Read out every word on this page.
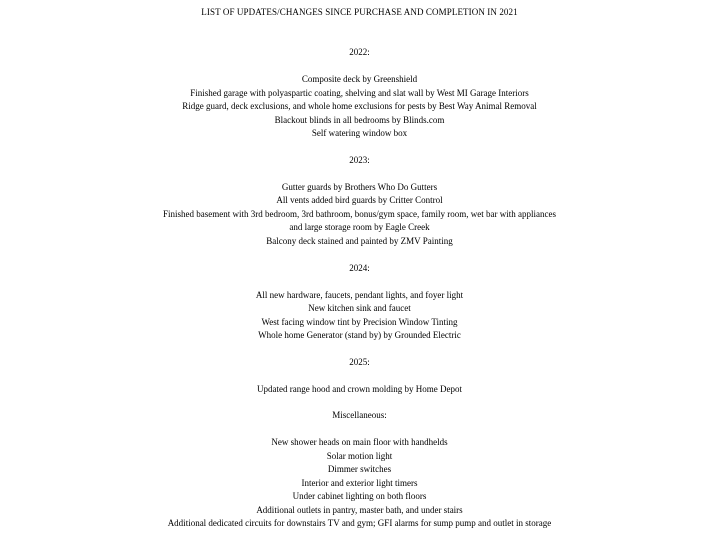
LIST OF UPDATES/CHANGES SINCE PURCHASE AND COMPLETION IN 2021
2022:
Composite deck by Greenshield
Finished garage with polyaspartic coating, shelving and slat wall by West MI Garage Interiors
Ridge guard, deck exclusions, and whole home exclusions for pests by Best Way Animal Removal
Blackout blinds in all bedrooms by Blinds.com
Self watering window box
2023:
Gutter guards by Brothers Who Do Gutters
All vents added bird guards by Critter Control
Finished basement with 3rd bedroom, 3rd bathroom, bonus/gym space, family room, wet bar with appliances
and large storage room by Eagle Creek
Balcony deck stained and painted by ZMV Painting
2024:
All new hardware, faucets, pendant lights, and foyer light
New kitchen sink and faucet
West facing window tint by Precision Window Tinting
Whole home Generator (stand by) by Grounded Electric
2025:
Updated range hood and crown molding by Home Depot
Miscellaneous:
New shower heads on main floor with handhelds
Solar motion light
Dimmer switches
Interior and exterior light timers
Under cabinet lighting on both floors
Additional outlets in pantry, master bath, and under stairs
Additional dedicated circuits for downstairs TV and gym; GFI alarms for sump pump and outlet in storage
